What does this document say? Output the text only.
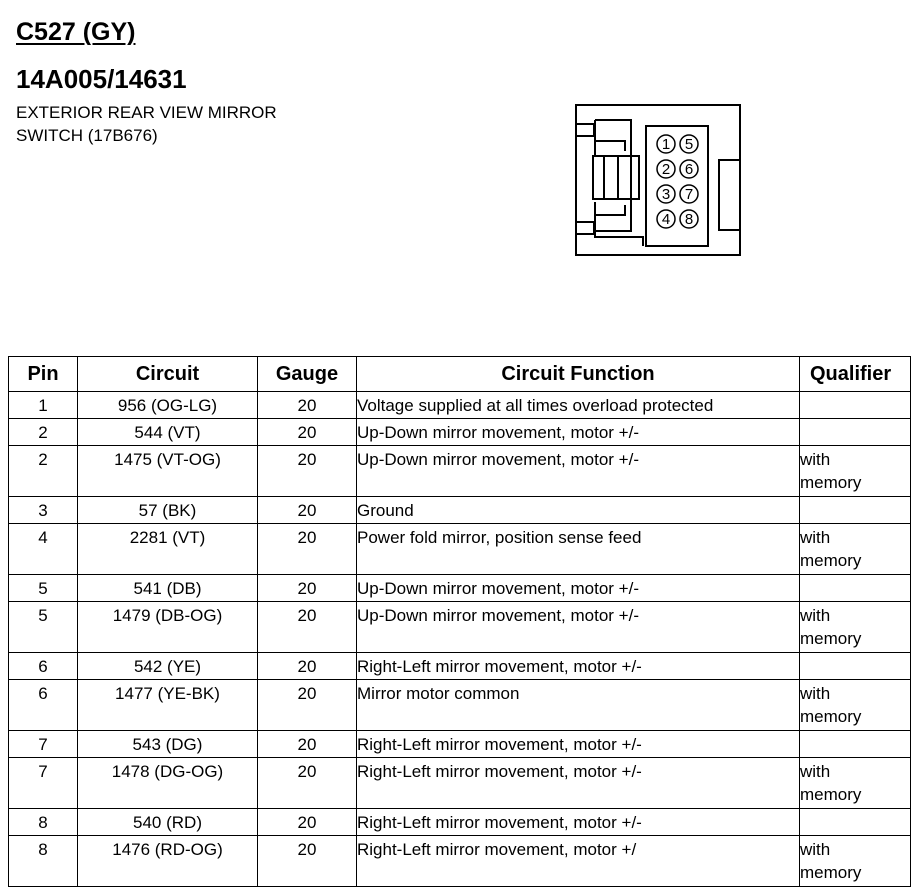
C527 (GY)
14A005/14631
EXTERIOR REAR VIEW MIRROR
SWITCH (17B676)	1
2
3
4
5
6
7
8
Pin	Circuit	Gauge	Circuit Function	Qualifier
1	956 (OG-LG)	20	Voltage supplied at all times overload protected	

2	544 (VT)	20	Up-Down mirror movement, motor +/-	

2	1475 (VT-OG)	20	Up-Down mirror movement, motor +/-	with
memory

3	57 (BK)	20	Ground	

4	2281 (VT)	20	Power fold mirror, position sense feed	with
memory

5	541 (DB)	20	Up-Down mirror movement, motor +/-	

5	1479 (DB-OG)	20	Up-Down mirror movement, motor +/-	with
memory

6	542 (YE)	20	Right-Left mirror movement, motor +/-	

6	1477 (YE-BK)	20	Mirror motor common	with
memory

7	543 (DG)	20	Right-Left mirror movement, motor +/-	

7	1478 (DG-OG)	20	Right-Left mirror movement, motor +/-	with
memory

8	540 (RD)	20	Right-Left mirror movement, motor +/-	

8	1476 (RD-OG)	20	Right-Left mirror movement, motor +/	with
memory
